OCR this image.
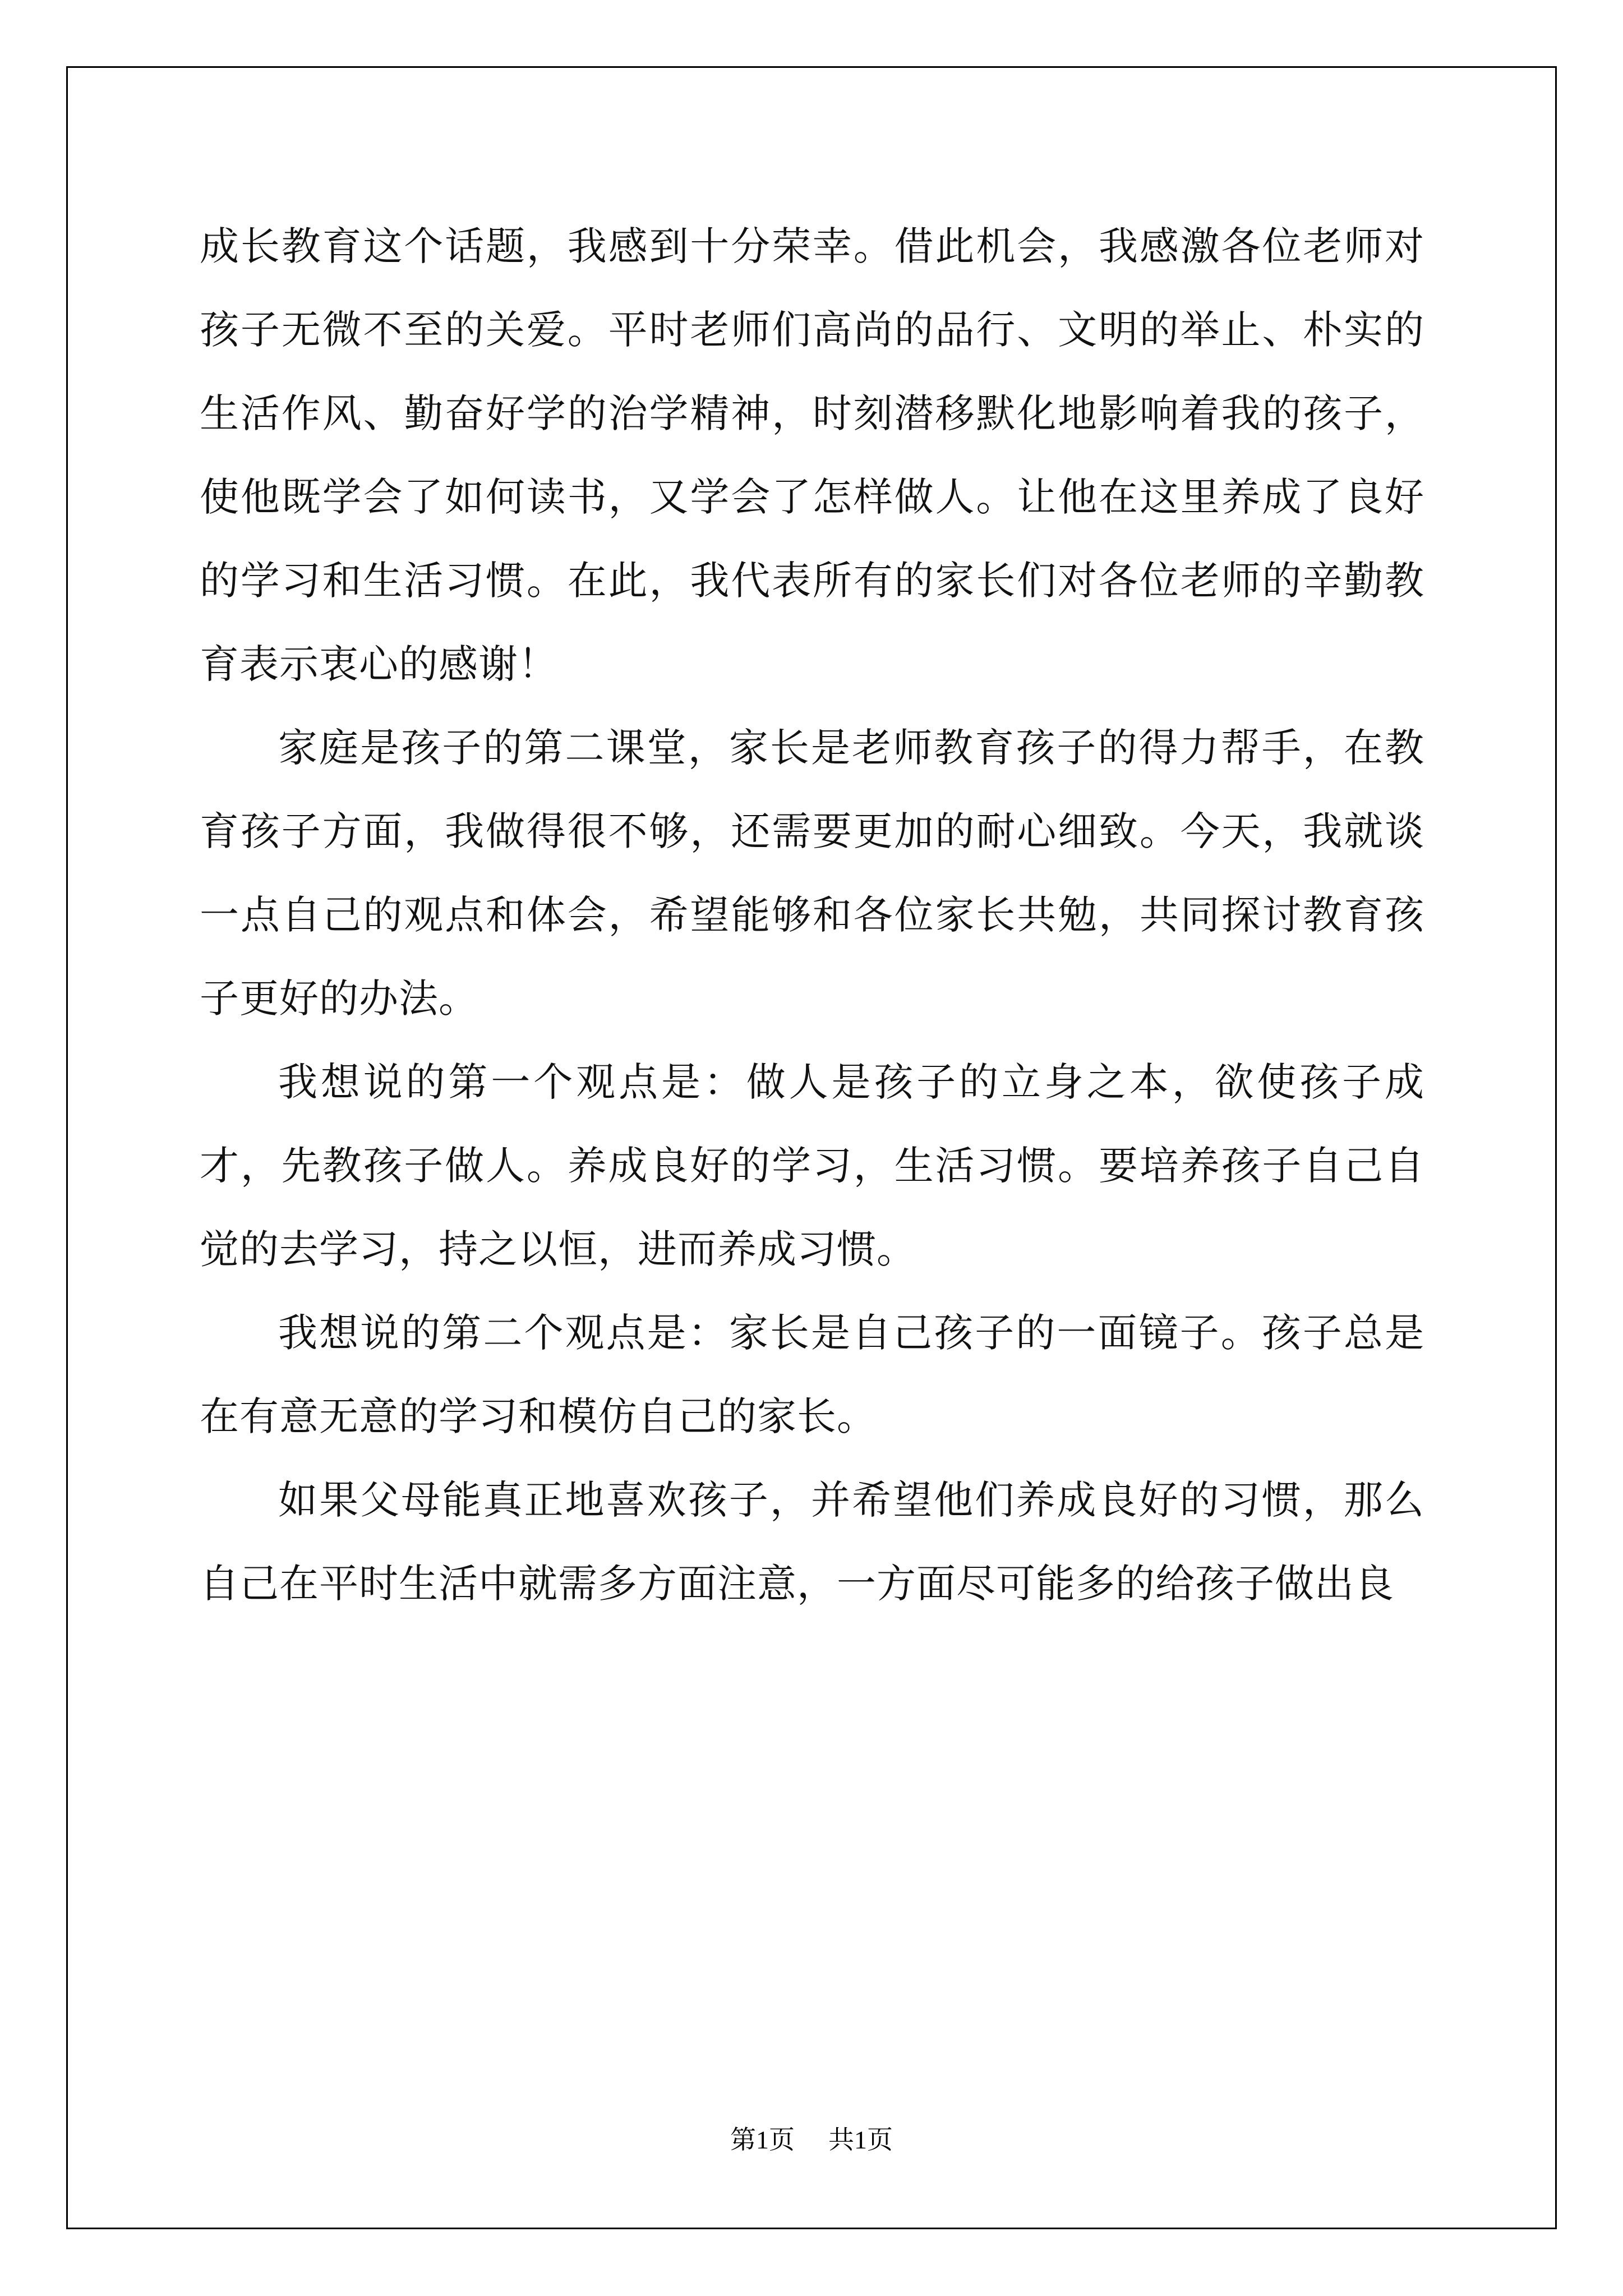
成长教育这个话题，我感到十分荣幸。借此机会，我感激各位老师对孩子无微不至的关爱。平时老师们高尚的品行、文明的举止、朴实的生活作风、勤奋好学的治学精神，时刻潜移默化地影响着我的孩子，使他既学会了如何读书，又学会了怎样做人。让他在这里养成了良好的学习和生活习惯。在此，我代表所有的家长们对各位老师的辛勤教育表示衷心的感谢！

家庭是孩子的第二课堂，家长是老师教育孩子的得力帮手，在教育孩子方面，我做得很不够，还需要更加的耐心细致。今天，我就谈一点自己的观点和体会，希望能够和各位家长共勉，共同探讨教育孩子更好的办法。

我想说的第一个观点是：做人是孩子的立身之本，欲使孩子成才，先教孩子做人。养成良好的学习，生活习惯。要培养孩子自己自觉的去学习，持之以恒，进而养成习惯。

我想说的第二个观点是：家长是自己孩子的一面镜子。孩子总是在有意无意的学习和模仿自己的家长。

如果父母能真正地喜欢孩子，并希望他们养成良好的习惯，那么自己在平时生活中就需多方面注意，一方面尽可能多的给孩子做出良

第1页 共1页
